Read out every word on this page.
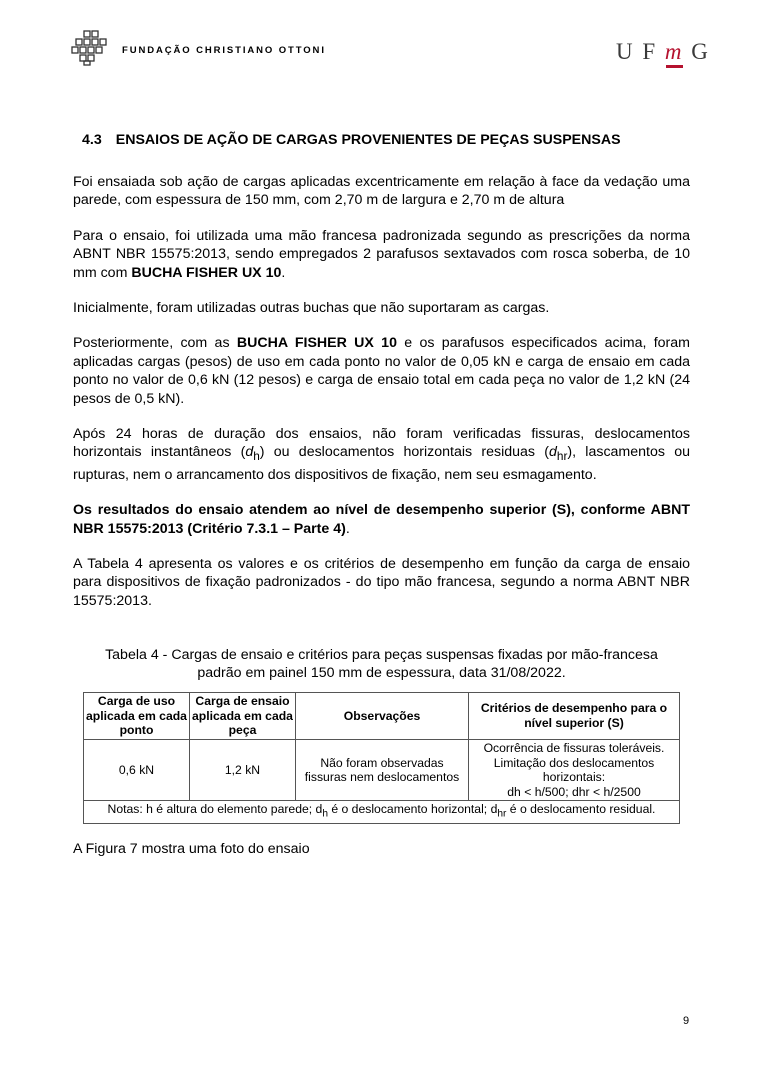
FUNDAÇÃO CHRISTIANO OTTONI	U F m G
4.3 ENSAIOS DE AÇÃO DE CARGAS PROVENIENTES DE PEÇAS SUSPENSAS

Foi ensaiada sob ação de cargas aplicadas excentricamente em relação à face da vedação uma parede, com espessura de 150 mm, com 2,70 m de largura e 2,70 m de altura

Para o ensaio, foi utilizada uma mão francesa padronizada segundo as prescrições da norma ABNT NBR 15575:2013, sendo empregados 2 parafusos sextavados com rosca soberba, de 10 mm com BUCHA FISHER UX 10.

Inicialmente, foram utilizadas outras buchas que não suportaram as cargas.

Posteriormente, com as BUCHA FISHER UX 10 e os parafusos especificados acima, foram aplicadas cargas (pesos) de uso em cada ponto no valor de 0,05 kN e carga de ensaio em cada ponto no valor de 0,6 kN (12 pesos) e carga de ensaio total em cada peça no valor de 1,2 kN (24 pesos de 0,5 kN).

Após 24 horas de duração dos ensaios, não foram verificadas fissuras, deslocamentos horizontais instantâneos $(d_h)$ ou deslocamentos horizontais residuas $(d_{hr})$, lascamentos ou rupturas, nem o arrancamento dos dispositivos de fixação, nem seu esmagamento.

Os resultados do ensaio atendem ao nível de desempenho superior (S), conforme ABNT NBR 15575:2013 (Critério 7.3.1 – Parte 4).

A Tabela 4 apresenta os valores e os critérios de desempenho em função da carga de ensaio para dispositivos de fixação padronizados - do tipo mão francesa, segundo a norma ABNT NBR 15575:2013.

Tabela 4 - Cargas de ensaio e critérios para peças suspensas fixadas por mão-francesa padrão em painel 150 mm de espessura, data 31/08/2022.

Carga de uso aplicada em cada ponto	Carga de ensaio aplicada em cada peça	Observações	Critérios de desempenho para o nível superior (S)
0,6 kN	1,2 kN	Não foram observadas fissuras nem deslocamentos	Ocorrência de fissuras toleráveis.
Limitação dos deslocamentos horizontais:
dh < h/500; dhr < h/2500

Notas: h é altura do elemento parede; $d_h$ é o deslocamento horizontal; $d_{hr}$ é o deslocamento residual.			

A Figura 7 mostra uma foto do ensaio

9
